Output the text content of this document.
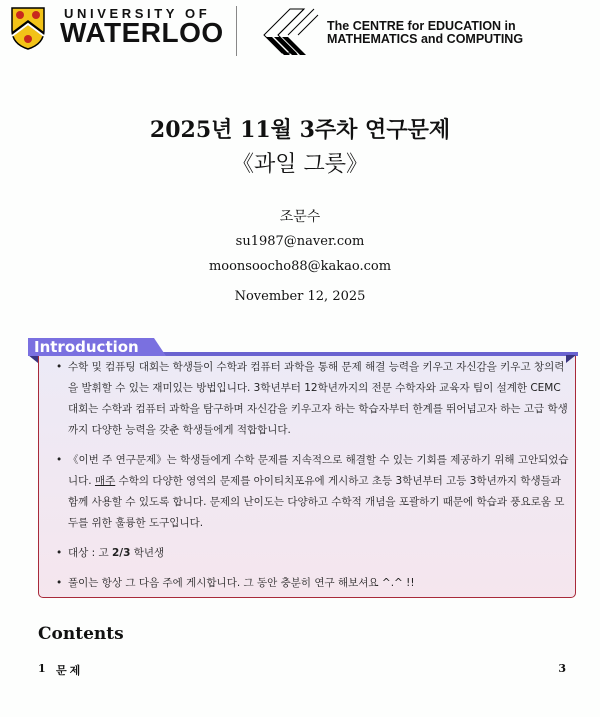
UNIVERSITY OF
WATERLOO	The CENTRE for EDUCATION in
MATHEMATICS and COMPUTING
2025년 11월 3주차 연구문제
《과일 그릇》
조문수
su1987@naver.com
moonsoocho88@kakao.com
November 12, 2025
Introduction
• 수학 및 컴퓨팅 대회는 학생들이 수학과 컴퓨터 과학을 통해 문제 해결 능력을 키우고 자신감을 키우고 창의력을 발휘할 수 있는 재미있는 방법입니다. 3학년부터 12학년까지의 전문 수학자와 교육자 팀이 설계한 CEMC 대회는 수학과 컴퓨터 과학을 탐구하며 자신감을 키우고자 하는 학습자부터 한계를 뛰어넘고자 하는 고급 학생까지 다양한 능력을 갖춘 학생들에게 적합합니다.
• 《이번 주 연구문제》는 학생들에게 수학 문제를 지속적으로 해결할 수 있는 기회를 제공하기 위해 고안되었습니다. 매주 수학의 다양한 영역의 문제를 아이티치포유에 게시하고 초등 3학년부터 고등 3학년까지 학생들과 함께 사용할 수 있도록 합니다. 문제의 난이도는 다양하고 수학적 개념을 포괄하기 때문에 학습과 풍요로움 모두를 위한 훌륭한 도구입니다.
• 대상 : 고 2/3 학년생
• 풀이는 항상 그 다음 주에 게시합니다. 그 동안 충분히 연구 해보셔요 ^.^ !!
Contents
1 문제	3
